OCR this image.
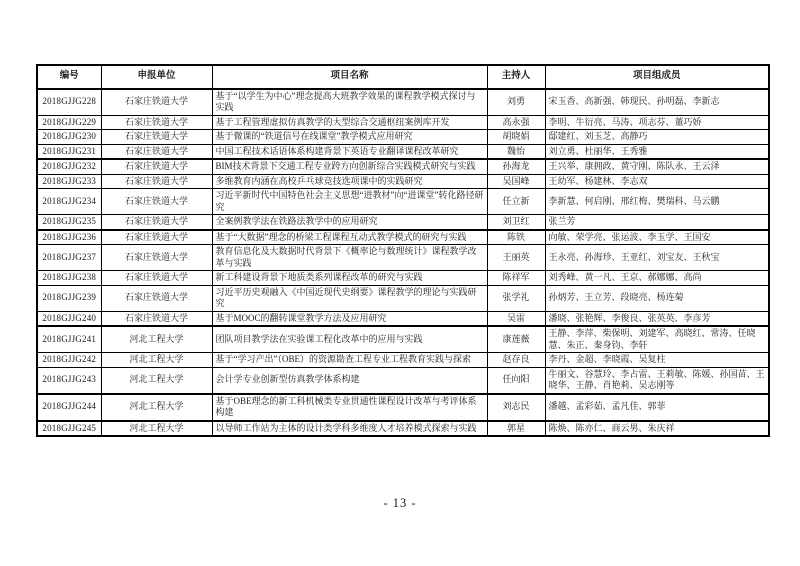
编号	申报单位	项目名称	主持人	项目组成员
2018GJJG228	石家庄铁道大学	基于“以学生为中心”理念提高大班教学效果的课程教学模式探讨与实践	刘勇	宋玉香、高新强、韩现民、孙明磊、李新志
2018GJJG229	石家庄铁道大学	基于工程管理虚拟仿真教学的大型综合交通枢纽案例库开发	高永强	李明、牛衍亮、马涛、项志芬、董巧娇
2018GJJG230	石家庄铁道大学	基于微课的“铁道信号在线课堂”教学模式应用研究	胡晓娟	邸建红、刘玉芝、高静巧
2018GJJG231	石家庄铁道大学	中国工程技术话语体系构建背景下英语专业翻译课程改革研究	魏怡	刘立勇、杜丽华、王秀雅
2018GJJG232	石家庄铁道大学	BIM技术背景下交通工程专业跨方向创新综合实践模式研究与实践	孙海龙	王兴举、康拥政、黄守刚、陈队永、王云泽
2018GJJG233	石家庄铁道大学	多维教育内涵在高校乒乓球竞技选项课中的实践研究	吴国峰	王幼军、杨建林、李志双
2018GJJG234	石家庄铁道大学	习近平新时代中国特色社会主义思想“进教材”向“进课堂”转化路径研究	任立新	李新慧、何启刚、邢红梅、樊瑞科、马云鹏
2018GJJG235	石家庄铁道大学	全案例教学法在铁路法教学中的应用研究	刘卫红	张兰芳
2018GJJG236	石家庄铁道大学	基于“大数据”理念的桥梁工程课程互动式教学模式的研究与实践	陈铁	向敏、荣学亮、张运波、李玉学、王国安
2018GJJG237	石家庄铁道大学	教育信息化及大数据时代背景下《概率论与数理统计》课程教学改革与实践	王丽英	王永亮、孙海珍、王亚红、刘宝友、王秋宝
2018GJJG238	石家庄铁道大学	新工科建设背景下地质类系列课程改革的研究与实践	陈祥军	刘秀峰、黄一凡、王京、郝娜娜、高尚
2018GJJG239	石家庄铁道大学	习近平历史观融入《中国近现代史纲要》课程教学的理论与实践研究	张学礼	孙炳芳、王立芳、段晓亮、杨连菊
2018GJJG240	石家庄铁道大学	基于MOOC的翻转课堂教学方法及应用研究	吴雷	潘晓、张艳辉、李俊良、张英英、李彦芳
2018GJJG241	河北工程大学	团队项目教学法在实验课工程化改革中的应用与实践	康莲薇	王静、李萍、柴保明、刘建军、高晓红、常涛、任晓慧、朱正、秦身钧、李轩
2018GJJG242	河北工程大学	基于“学习产出”（OBE）的资源勘查工程专业工程教育实践与探索	赵存良	李丹、金超、李晓霞、吴复柱
2018GJJG243	河北工程大学	会计学专业创新型仿真教学体系构建	任向阳	牛丽文、谷慧玲、李占雷、王莉敏、陈媛、孙国苗、王晓华、王静、肖艳莉、吴志刚等
2018GJJG244	河北工程大学	基于OBE理念的新工科机械类专业贯通性课程设计改革与考评体系构建	刘志民	潘越、孟彩茹、孟凡佳、郭菲
2018GJJG245	河北工程大学	以导师工作站为主体的设计类学科多维度人才培养模式探索与实践	郭星	陈焕、陈亦仁、商云男、朱庆祥
- 13 -
